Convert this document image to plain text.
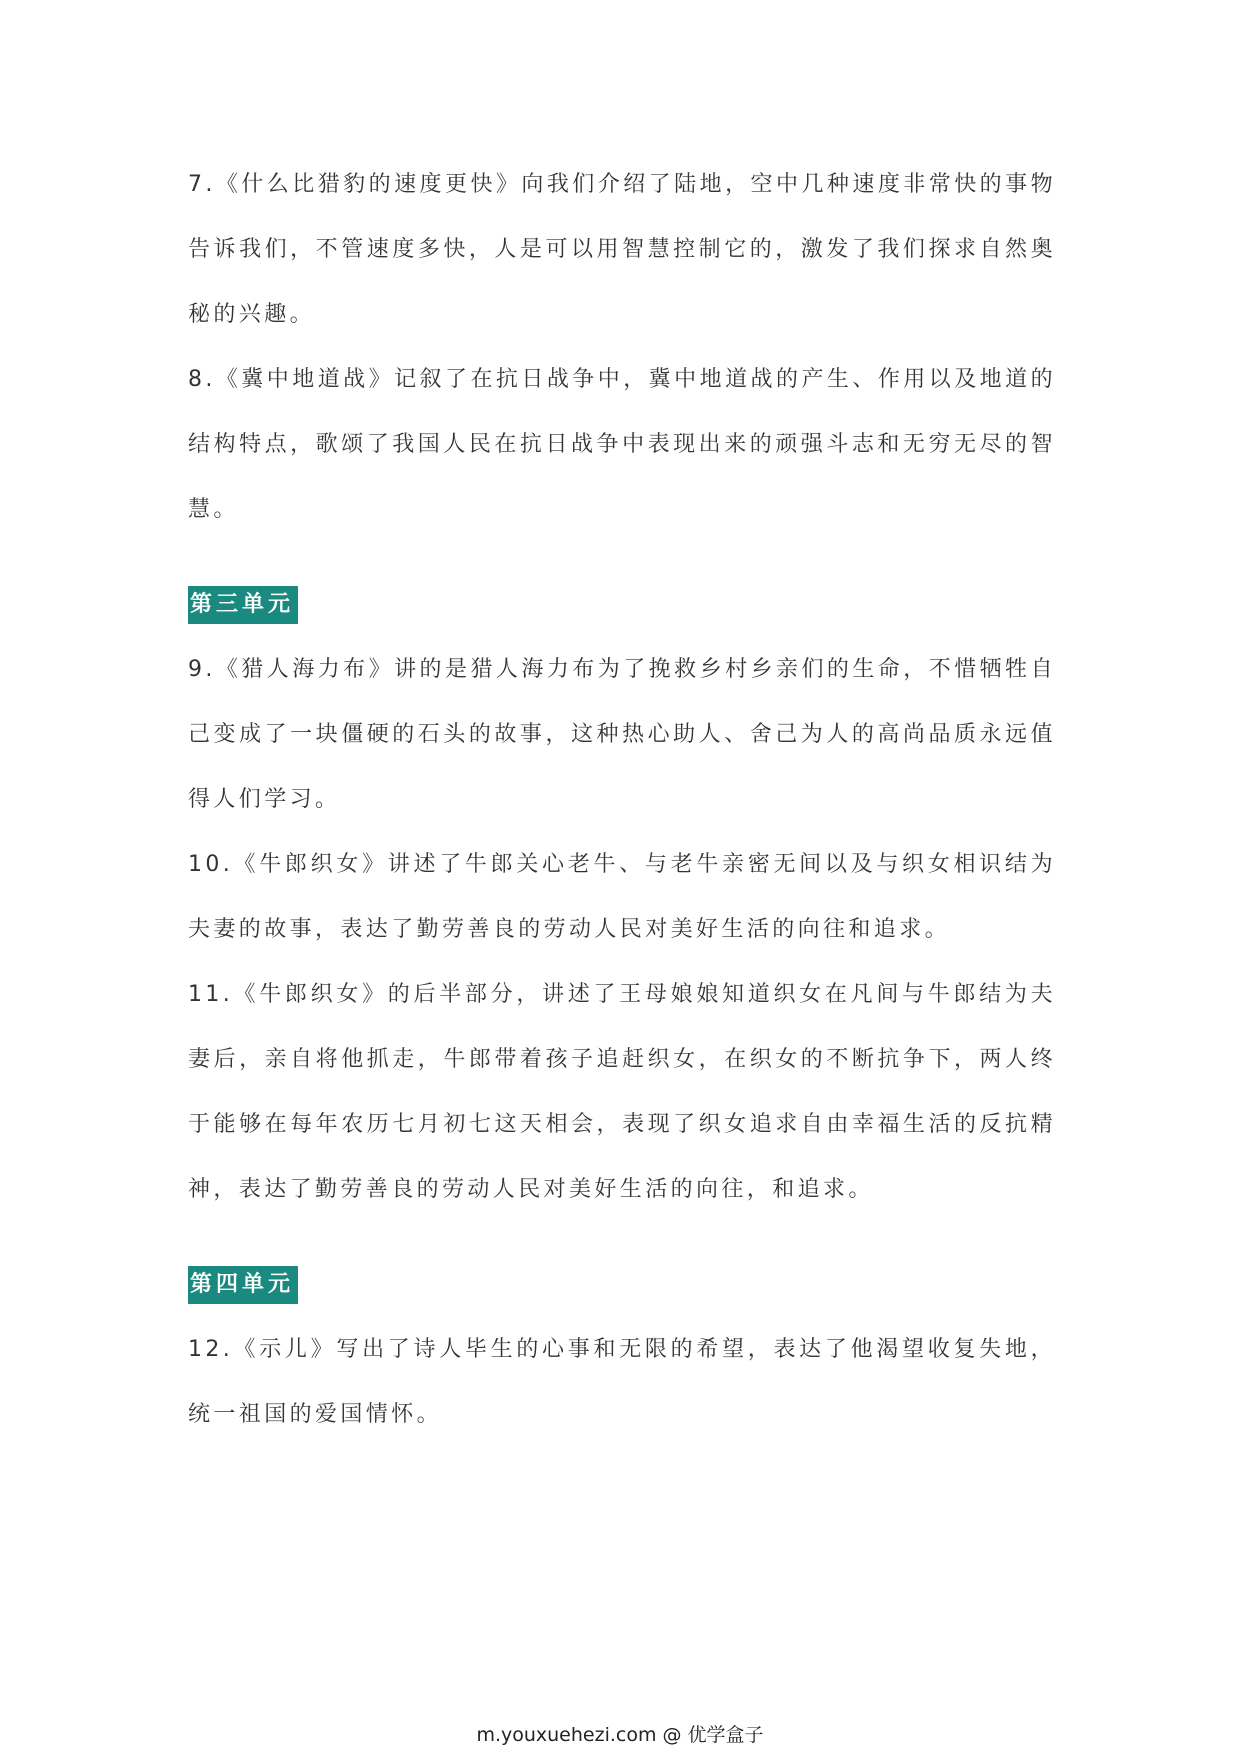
7.《什么比猎豹的速度更快》向我们介绍了陆地，空中几种速度非常快的事物告诉我们，不管速度多快，人是可以用智慧控制它的，激发了我们探求自然奥秘的兴趣。

8.《冀中地道战》记叙了在抗日战争中，冀中地道战的产生、作用以及地道的结构特点，歌颂了我国人民在抗日战争中表现出来的顽强斗志和无穷无尽的智慧。

第三单元

9.《猎人海力布》讲的是猎人海力布为了挽救乡村乡亲们的生命，不惜牺牲自己变成了一块僵硬的石头的故事，这种热心助人、舍己为人的高尚品质永远值得人们学习。

10.《牛郎织女》讲述了牛郎关心老牛、与老牛亲密无间以及与织女相识结为夫妻的故事，表达了勤劳善良的劳动人民对美好生活的向往和追求。

11.《牛郎织女》的后半部分，讲述了王母娘娘知道织女在凡间与牛郎结为夫妻后，亲自将他抓走，牛郎带着孩子追赶织女，在织女的不断抗争下，两人终于能够在每年农历七月初七这天相会，表现了织女追求自由幸福生活的反抗精神，表达了勤劳善良的劳动人民对美好生活的向往，和追求。

第四单元

12.《示儿》写出了诗人毕生的心事和无限的希望，表达了他渴望收复失地，统一祖国的爱国情怀。

m.youxuehezi.com @ 优学盒子
